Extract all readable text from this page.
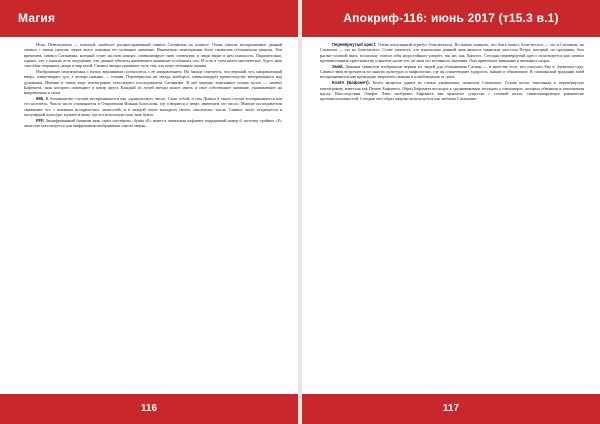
Магия

Итак, Пентаграмма — пожалуй, наиболее распространённый символ Сатанизма на планете. Очень многие воспринимают данный символ с таким ужасом, менее всего понимая его истинное значение. Изначально пентаграмма была символом обозначения защиты. Тем временем, символ Сатанизма, который стоит на пяти концах, символизирует пять элементов, и люди видят в нём опасность. Поразительно, однако, что у многих есть ощущение, что данные объекты привлекают внимание особенных сил. И есть в этом нечто мистическое, будто знак способен открывать двери в мир иной. Символ звезды указывает путь тем, кто ищет истинные знания.

Изображение пентаграммы с пятью вершинами соотносится с её направлением. На Западе считается, что верхний луч, направленный вверх, олицетворяет дух, а четыре нижних — стихии. Перевёрнутая же звезда, наоборот, символизирует превосходство материального над духовным. Именно в таком виде пентаграмму используют последователи Сатанизма. В неё нередко вписывают голову козла — символ Бафомета, знак которого помещают в центр круга. Каждый из лучей звезды может иметь и своё собственное значение, указывающее на направления и силы.

666. В большинстве случаев воспринимается как «дьявольское» число. Само собой, и сам Дьявол в таком случае воспринимается как его носитель. Число часто упоминается в Откровении Иоанна Богослова, где говорится о звере, имеющем это число. Многие исследователи связывают его с именами исторических личностей, и в каждой эпохе находили своего «носителя» числа. Символ часто встречается в популярной культуре, музыке и кино, где его используют как знак бунта.

FFF. Зашифрованный буквами знак «трёх шестёрок»: буква «F» имеет в латинском алфавите порядковый номер 6, поэтому тройное «F» зачастую используется для шифрования изображения «числа зверя».

116
Апокриф-116: июнь 2017 (т15.3 в.1)

Перевёрнутый крест. Очень популярный атрибут блэк-металла. Но важно помнить, что быть может, блэк-металл — это и Сатанизм, но Сатанизм — это не блэк-металл. Стоит заметить, что изначально данный знак являлся символом апостола Петра, который, по преданию, был распят головой вниз, поскольку считал себя недостойным умереть так же, как Христос. Сегодня перевёрнутый крест используется как символ противостояния христианству, и многие носят его, не зная его истинного значения. Оно привлекает внимание и вызывает споры.

Змей. Данным символом изображали первые из людей для обозначения Сатаны — в качестве того, кто искушал Еву в Эдемском саду. Символ змея встречается во многих культурах и мифологиях, где он олицетворяет мудрость, знание и обновление. В сатанинской традиции змей воспринимается как проводник запретного знания и освобождения от догм.

Козёл (Бафомет). Козёл является одним из самых узнаваемых символов Сатанизма. Голова козла, вписанная в перевёрнутую пентаграмму, известна как Печать Бафомета. Образ Бафомета восходит к средневековым легендам о тамплиерах, которых обвиняли в поклонении идолу. Впоследствии Элифас Леви изобразил Бафомета как крылатое существо с головой козла, символизирующее равновесие противоположностей. Сегодня этот образ широко используется как эмблема Сатанизма.

117
